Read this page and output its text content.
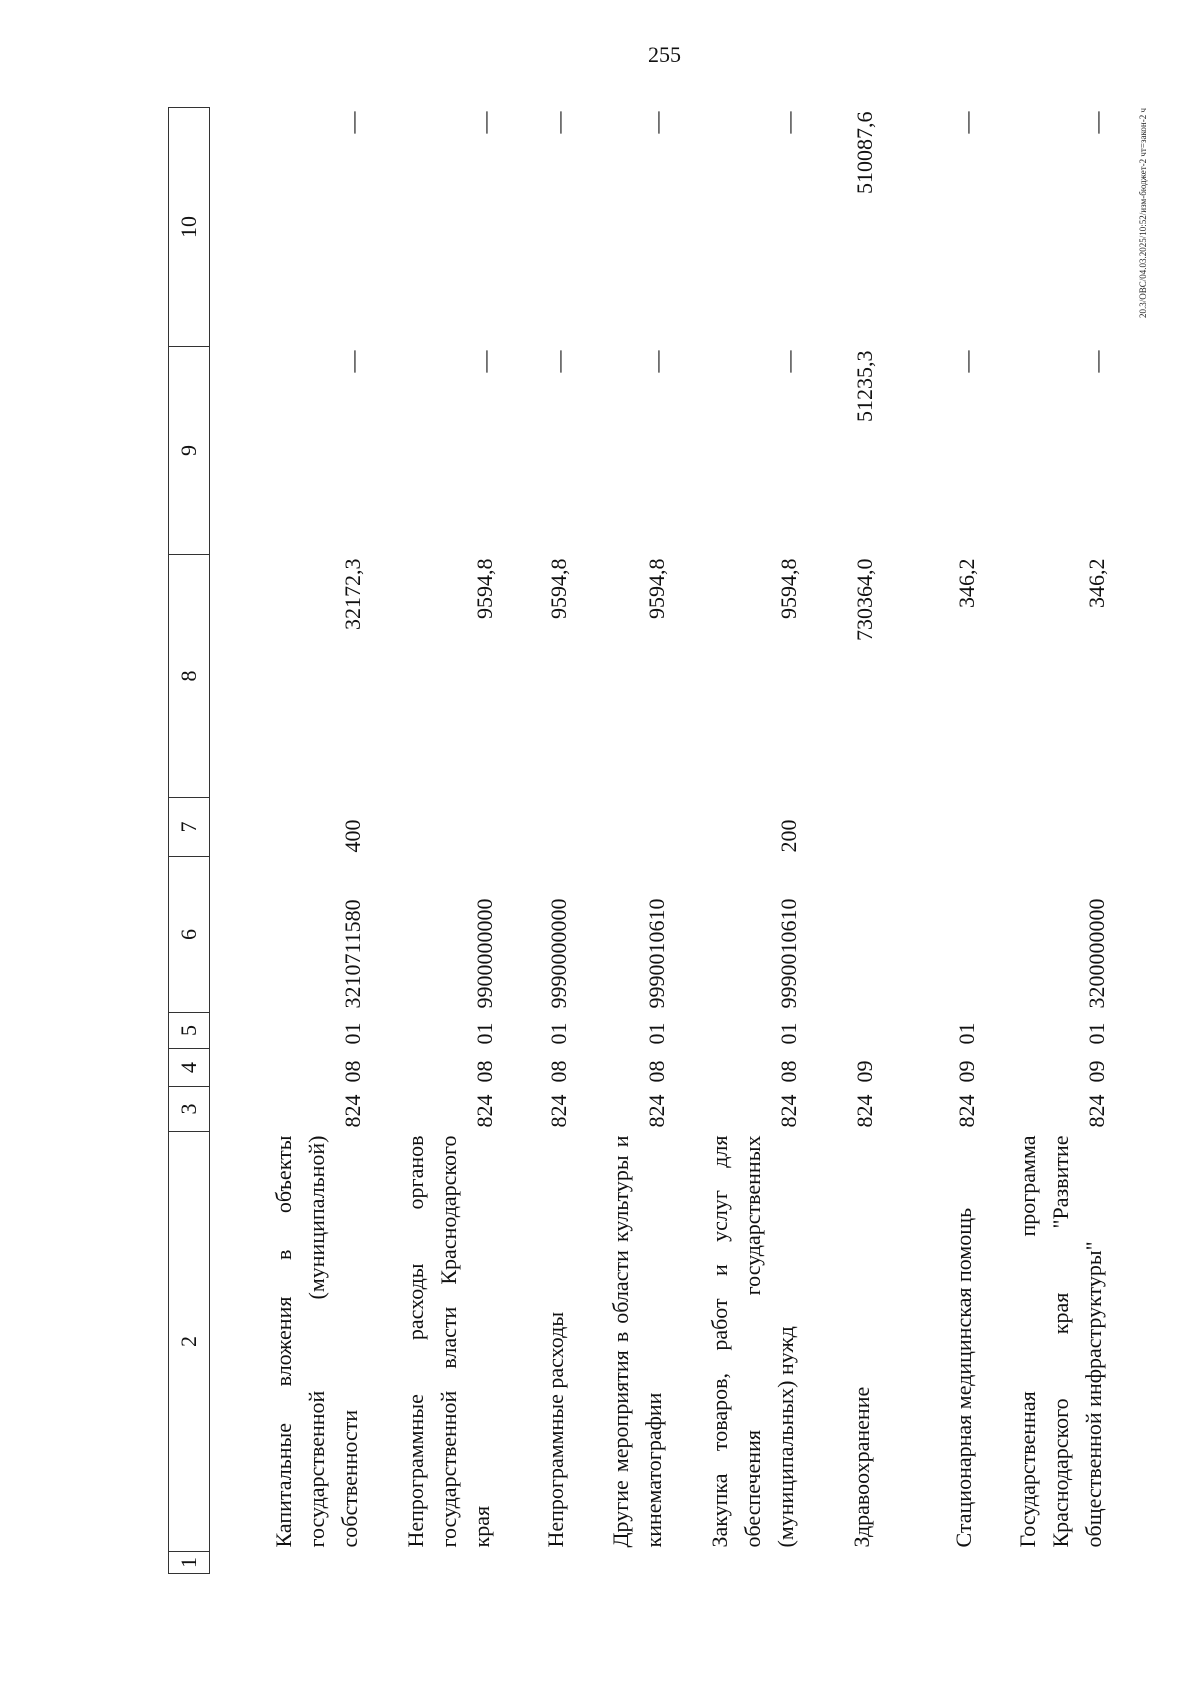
255
20.3/ОВС/04.03.2025/10:52/изм-бюджет-2 чт=закон-2 ч
1	2	3	4	5	6	7	8	9	10
	Капитальные вложения в объекты государственной (муниципальной) собственности	824	08	01	3210711580	400	32172,3	—	—
	Непрограммные расходы органов государственной власти Краснодарского края	824	08	01	9900000000		9594,8	—	—
	Непрограммные расходы	824	08	01	9990000000		9594,8	—	—
	Другие мероприятия в области культуры и кинематографии	824	08	01	9990010610		9594,8	—	—
	Закупка товаров, работ и услуг для обеспечения государственных (муниципальных) нужд	824	08	01	9990010610	200	9594,8	—	—
	Здравоохранение	824	09				730364,0	51235,3	510087,6
	Стационарная медицинская помощь	824	09	01			346,2	—	—
	Государственная программа Краснодарского края "Развитие общественной инфраструктуры"	824	09	01	3200000000		346,2	—	—
